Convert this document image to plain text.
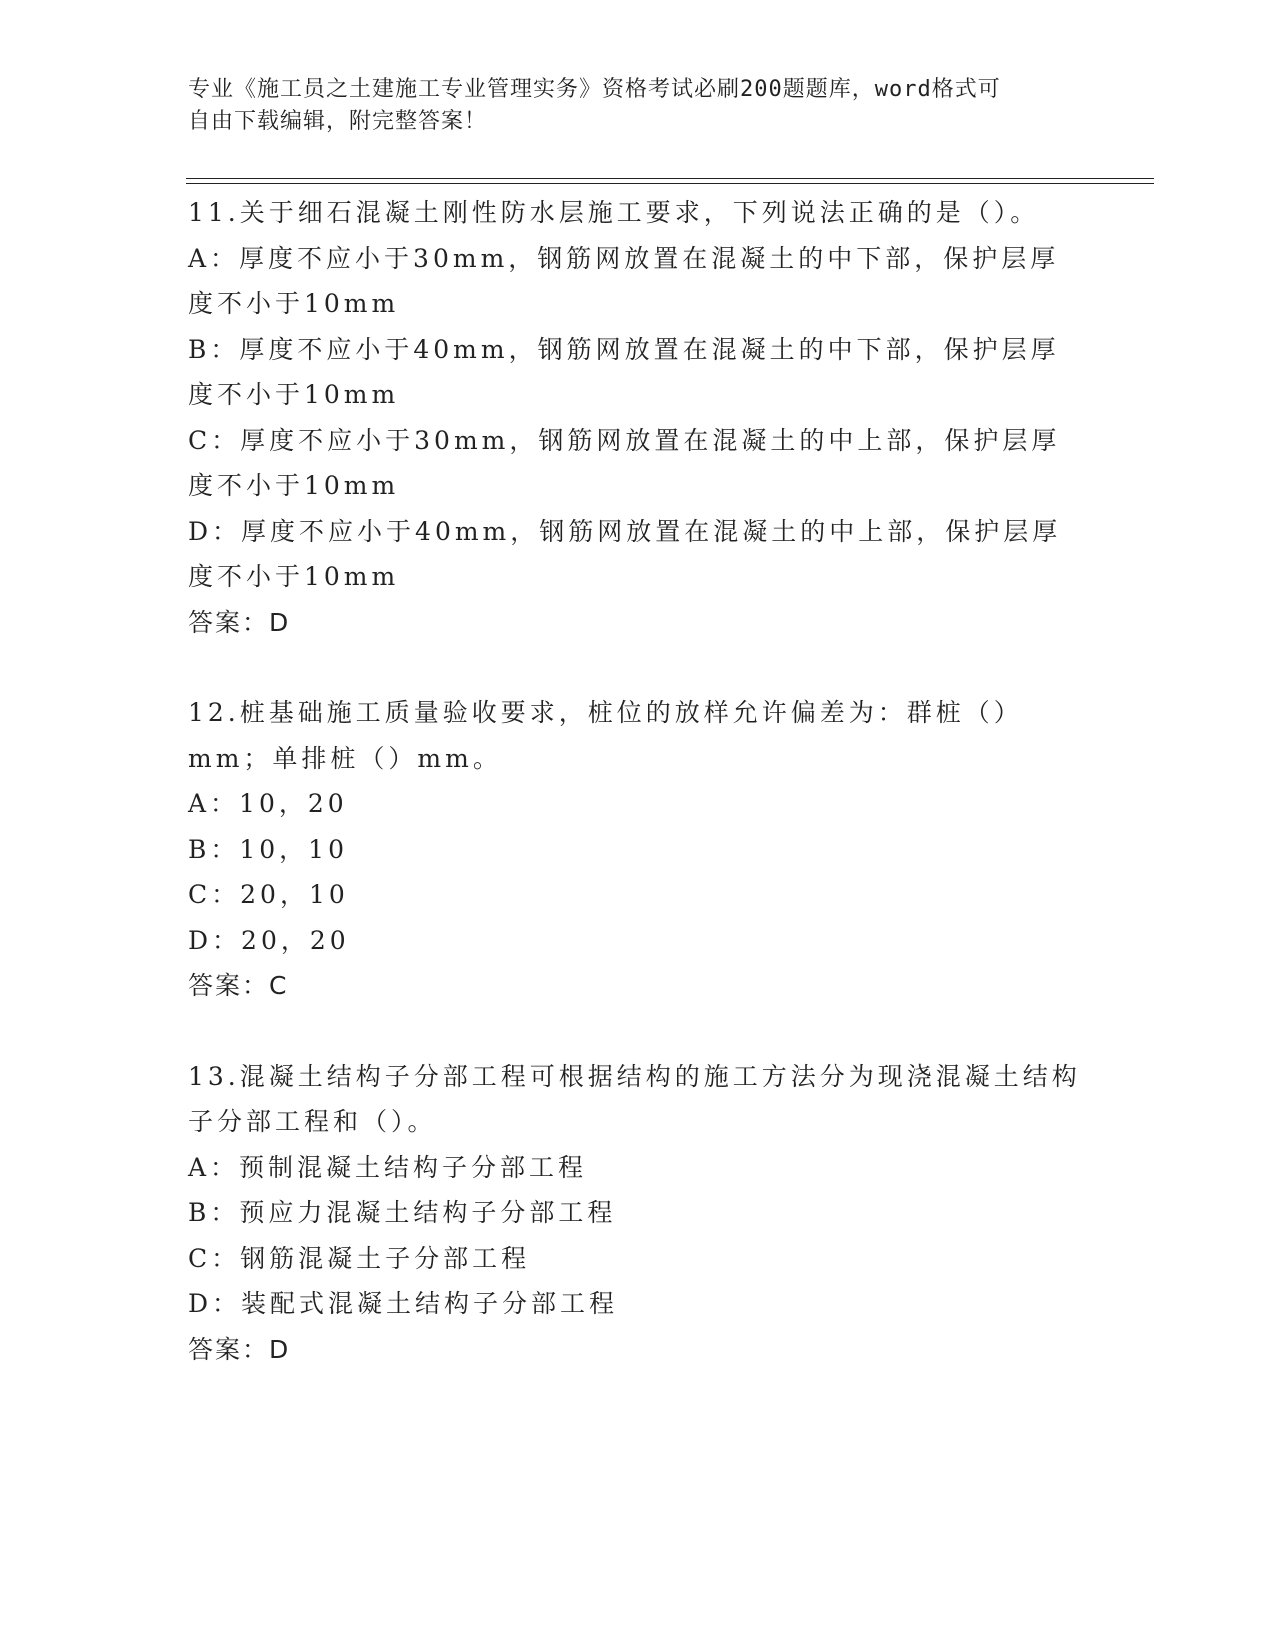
专业《施工员之土建施工专业管理实务》资格考试必刷200题题库，word格式可
自由下载编辑，附完整答案！

11.关于细石混凝土刚性防水层施工要求，下列说法正确的是（）。

A：厚度不应小于30mm，钢筋网放置在混凝土的中下部，保护层厚度不小于10mm

B：厚度不应小于40mm，钢筋网放置在混凝土的中下部，保护层厚度不小于10mm

C：厚度不应小于30mm，钢筋网放置在混凝土的中上部，保护层厚度不小于10mm

D：厚度不应小于40mm，钢筋网放置在混凝土的中上部，保护层厚度不小于10mm

答案：D

12.桩基础施工质量验收要求，桩位的放样允许偏差为：群桩（）mm；单排桩（）mm。

A：10，20

B：10，10

C：20，10

D：20，20

答案：C

13.混凝土结构子分部工程可根据结构的施工方法分为现浇混凝土结构子分部工程和（）。

A：预制混凝土结构子分部工程

B：预应力混凝土结构子分部工程

C：钢筋混凝土子分部工程

D：装配式混凝土结构子分部工程

答案：D
